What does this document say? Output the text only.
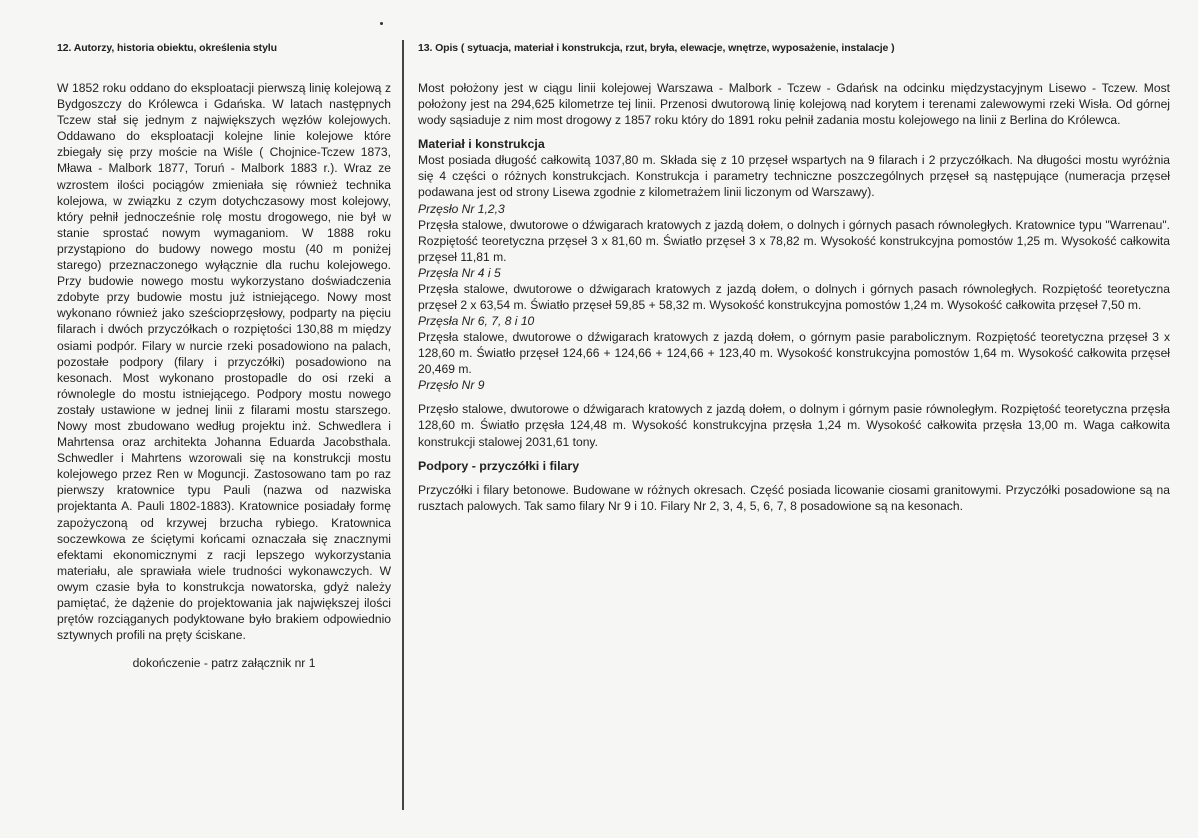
12. Autorzy, historia obiektu, określenia stylu

W 1852 roku oddano do eksploatacji pierwszą linię kolejową z Bydgoszczy do Królewca i Gdańska. W latach następnych Tczew stał się jednym z największych węzłów kolejowych. Oddawano do eksploatacji kolejne linie kolejowe które zbiegały się przy moście na Wiśle ( Chojnice-Tczew 1873, Mława - Malbork 1877, Toruń - Malbork 1883 r.). Wraz ze wzrostem ilości pociągów zmieniała się również technika kolejowa, w związku z czym dotychczasowy most kolejowy, który pełnił jednocześnie rolę mostu drogowego, nie był w stanie sprostać nowym wymaganiom. W 1888 roku przystąpiono do budowy nowego mostu (40 m poniżej starego) przeznaczonego wyłącznie dla ruchu kolejowego. Przy budowie nowego mostu wykorzystano doświadczenia zdobyte przy budowie mostu już istniejącego. Nowy most wykonano również jako sześcioprzęsłowy, podparty na pięciu filarach i dwóch przyczółkach o rozpiętości 130,88 m między osiami podpór. Filary w nurcie rzeki posadowiono na palach, pozostałe podpory (filary i przyczółki) posadowiono na kesonach. Most wykonano prostopadle do osi rzeki a równolegle do mostu istniejącego. Podpory mostu nowego zostały ustawione w jednej linii z filarami mostu starszego. Nowy most zbudowano według projektu inż. Schwedlera i Mahrtensa oraz architekta Johanna Eduarda Jacobsthala. Schwedler i Mahrtens wzorowali się na konstrukcji mostu kolejowego przez Ren w Moguncji. Zastosowano tam po raz pierwszy kratownice typu Pauli (nazwa od nazwiska projektanta A. Pauli 1802-1883). Kratownice posiadały formę zapożyczoną od krzywej brzucha rybiego. Kratownica soczewkowa ze ściętymi końcami oznaczała się znacznymi efektami ekonomicznymi z racji lepszego wykorzystania materiału, ale sprawiała wiele trudności wykonawczych. W owym czasie była to konstrukcja nowatorska, gdyż należy pamiętać, że dążenie do projektowania jak największej ilości prętów rozciąganych podyktowane było brakiem odpowiednio sztywnych profili na pręty ściskane.

dokończenie - patrz załącznik nr 1

13. Opis ( sytuacja, materiał i konstrukcja, rzut, bryła, elewacje, wnętrze, wyposażenie, instalacje )

Most położony jest w ciągu linii kolejowej Warszawa - Malbork - Tczew - Gdańsk na odcinku międzystacyjnym Lisewo - Tczew. Most położony jest na 294,625 kilometrze tej linii. Przenosi dwutorową linię kolejową nad korytem i terenami zalewowymi rzeki Wisła. Od górnej wody sąsiaduje z nim most drogowy z 1857 roku który do 1891 roku pełnił zadania mostu kolejowego na linii z Berlina do Królewca.

Materiał i konstrukcja

Most posiada długość całkowitą 1037,80 m. Składa się z 10 przęseł wspartych na 9 filarach i 2 przyczółkach. Na długości mostu wyróżnia się 4 części o różnych konstrukcjach. Konstrukcja i parametry techniczne poszczególnych przęseł są następujące (numeracja przęseł podawana jest od strony Lisewa zgodnie z kilometrażem linii liczonym od Warszawy).

Przęsło Nr 1,2,3

Przęsła stalowe, dwutorowe o dźwigarach kratowych z jazdą dołem, o dolnych i górnych pasach równoległych. Kratownice typu "Warrenau". Rozpiętość teoretyczna przęseł 3 x 81,60 m. Światło przęseł 3 x 78,82 m. Wysokość konstrukcyjna pomostów 1,25 m. Wysokość całkowita przęseł 11,81 m.

Przęsła Nr 4 i 5

Przęsła stalowe, dwutorowe o dźwigarach kratowych z jazdą dołem, o dolnych i górnych pasach równoległych. Rozpiętość teoretyczna przęseł 2 x 63,54 m. Światło przęseł 59,85 + 58,32 m. Wysokość konstrukcyjna pomostów 1,24 m. Wysokość całkowita przęseł 7,50 m.

Przęsła Nr 6, 7, 8 i 10

Przęsła stalowe, dwutorowe o dźwigarach kratowych z jazdą dołem, o górnym pasie parabolicznym. Rozpiętość teoretyczna przęseł 3 x 128,60 m. Światło przęseł 124,66 + 124,66 + 124,66 + 123,40 m. Wysokość konstrukcyjna pomostów 1,64 m. Wysokość całkowita przęseł 20,469 m.

Przęsło Nr 9

Przęsło stalowe, dwutorowe o dźwigarach kratowych z jazdą dołem, o dolnym i górnym pasie równoległym. Rozpiętość teoretyczna przęsła 128,60 m. Światło przęsła 124,48 m. Wysokość konstrukcyjna przęsła 1,24 m. Wysokość całkowita przęsła 13,00 m. Waga całkowita konstrukcji stalowej 2031,61 tony.

Podpory - przyczółki i filary

Przyczółki i filary betonowe. Budowane w różnych okresach. Część posiada licowanie ciosami granitowymi. Przyczółki posadowione są na rusztach palowych. Tak samo filary Nr 9 i 10. Filary Nr 2, 3, 4, 5, 6, 7, 8 posadowione są na kesonach.
